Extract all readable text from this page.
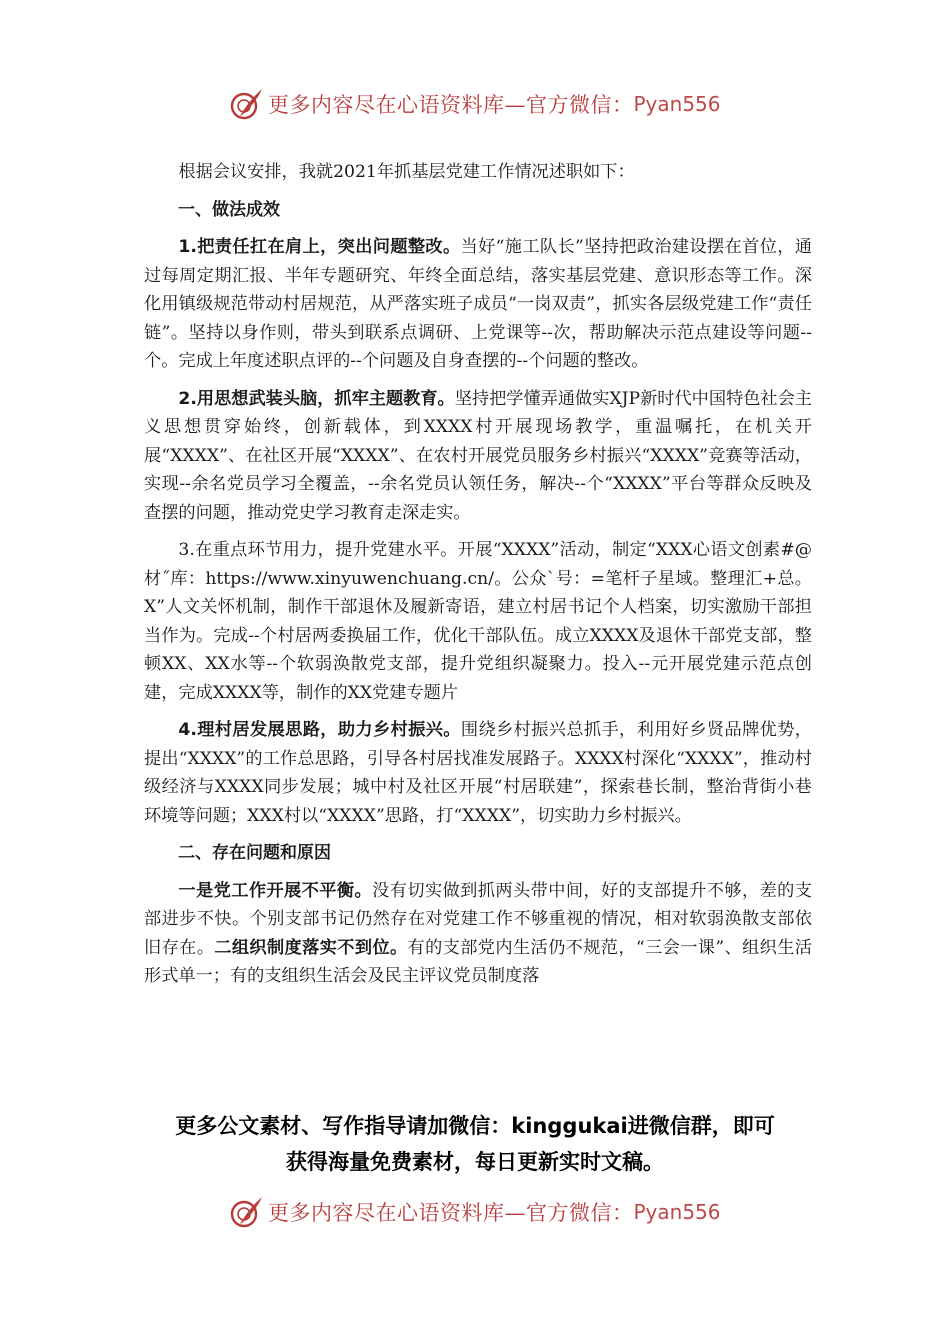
更多内容尽在心语资料库—官方微信： Pyan556

根据会议安排，我就2021年抓基层党建工作情况述职如下：

一、做法成效

1.把责任扛在肩上，突出问题整改。当好“施工队长”坚持把政治建设摆在首位，通过每周定期汇报、半年专题研究、年终全面总结，落实基层党建、意识形态等工作。深化用镇级规范带动村居规范，从严落实班子成员“一岗双责”，抓实各层级党建工作“责任链”。坚持以身作则，带头到联系点调研、上党课等--次，帮助解决示范点建设等问题--个。完成上年度述职点评的--个问题及自身查摆的--个问题的整改。

2.用思想武装头脑，抓牢主题教育。坚持把学懂弄通做实XJP新时代中国特色社会主义思想贯穿始终，创新载体，到XXXX村开展现场教学，重温嘱托，在机关开展“XXXX”、在社区开展“XXXX”、在农村开展党员服务乡村振兴“XXXX”竞赛等活动，实现--余名党员学习全覆盖，--余名党员认领任务，解决--个“XXXX”平台等群众反映及查摆的问题，推动党史学习教育走深走实。

3.在重点环节用力，提升党建水平。开展“XXXX”活动，制定“XXX心语文创素#@材˝库：https://www.xinyuwenchuang.cn/。公众`号：=笔杆子星域。整理汇+总。X”人文关怀机制，制作干部退休及履新寄语，建立村居书记个人档案，切实激励干部担当作为。完成--个村居两委换届工作，优化干部队伍。成立XXXX及退休干部党支部，整顿XX、XX水等--个软弱涣散党支部，提升党组织凝聚力。投入--元开展党建示范点创建，完成XXXX等，制作的XX党建专题片

4.理村居发展思路，助力乡村振兴。围绕乡村振兴总抓手，利用好乡贤品牌优势，提出“XXXX”的工作总思路，引导各村居找准发展路子。XXXX村深化“XXXX”，推动村级经济与XXXX同步发展；城中村及社区开展“村居联建”，探索巷长制，整治背街小巷环境等问题；XXX村以“XXXX”思路，打“XXXX”，切实助力乡村振兴。

二、存在问题和原因

一是党工作开展不平衡。没有切实做到抓两头带中间，好的支部提升不够，差的支部进步不快。个别支部书记仍然存在对党建工作不够重视的情况，相对软弱涣散支部依旧存在。二组织制度落实不到位。有的支部党内生活仍不规范，“三会一课”、组织生活形式单一；有的支组织生活会及民主评议党员制度落

更多公文素材、写作指导请加微信：kinggukai进微信群，即可
获得海量免费素材，每日更新实时文稿。
更多内容尽在心语资料库—官方微信： Pyan556
